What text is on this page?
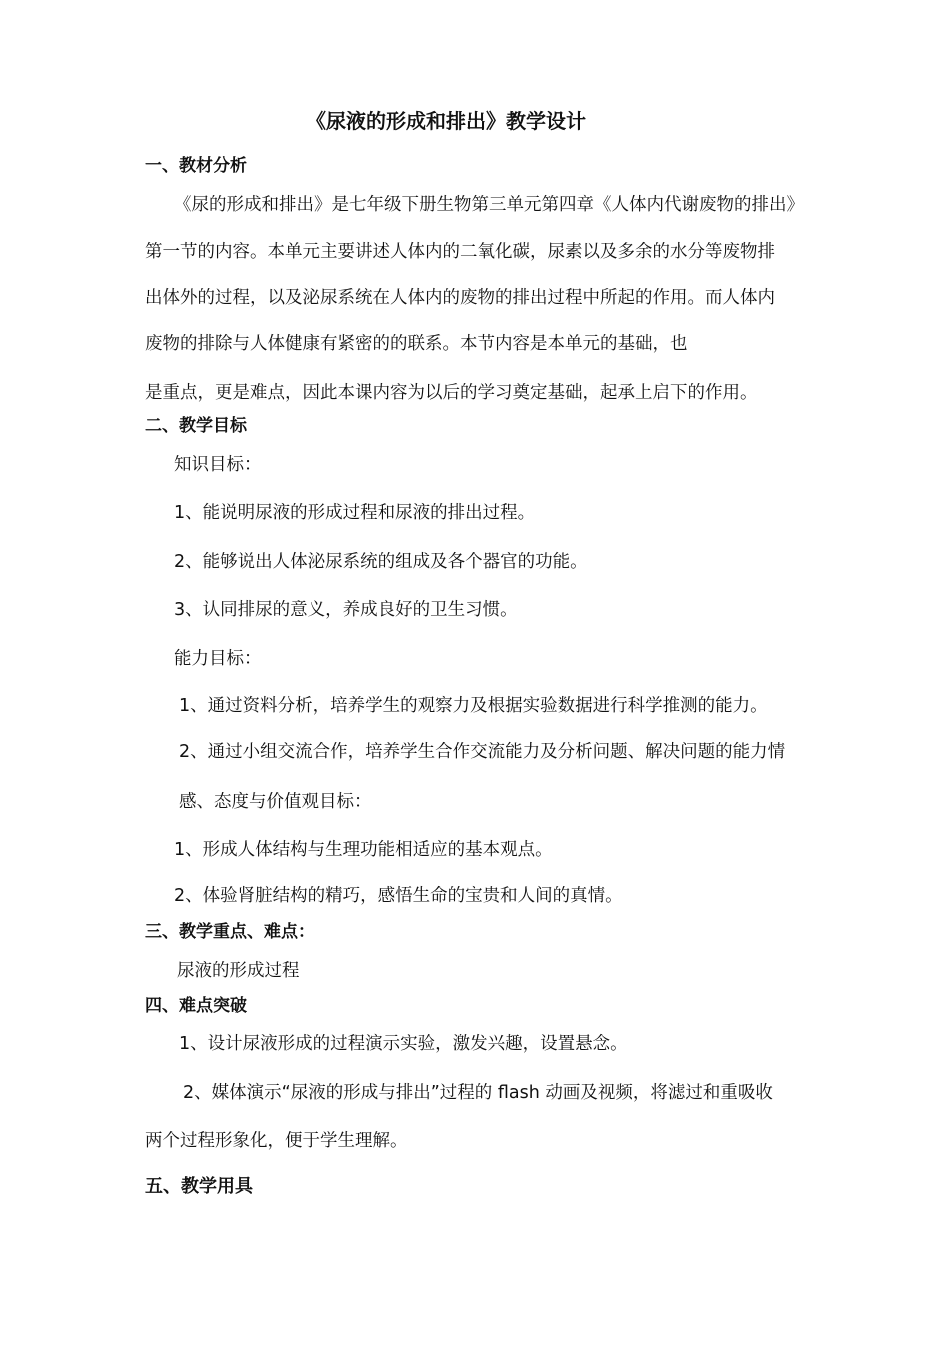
《尿液的形成和排出》教学设计
一、教材分析
《尿的形成和排出》是七年级下册生物第三单元第四章《人体内代谢废物的排出》
第一节的内容。本单元主要讲述人体内的二氧化碳，尿素以及多余的水分等废物排
出体外的过程，以及泌尿系统在人体内的废物的排出过程中所起的作用。而人体内
废物的排除与人体健康有紧密的的联系。本节内容是本单元的基础，也
是重点，更是难点，因此本课内容为以后的学习奠定基础，起承上启下的作用。
二、教学目标
知识目标：
1、能说明尿液的形成过程和尿液的排出过程。
2、能够说出人体泌尿系统的组成及各个器官的功能。
3、认同排尿的意义，养成良好的卫生习惯。
能力目标：
1、通过资料分析，培养学生的观察力及根据实验数据进行科学推测的能力。
2、通过小组交流合作，培养学生合作交流能力及分析问题、解决问题的能力情
感、态度与价值观目标：
1、形成人体结构与生理功能相适应的基本观点。
2、体验肾脏结构的精巧，感悟生命的宝贵和人间的真情。
三、教学重点、难点：
尿液的形成过程
四、难点突破
1、设计尿液形成的过程演示实验，激发兴趣，设置悬念。
2、媒体演示“尿液的形成与排出”过程的 flash 动画及视频，将滤过和重吸收
两个过程形象化，便于学生理解。
五、教学用具
